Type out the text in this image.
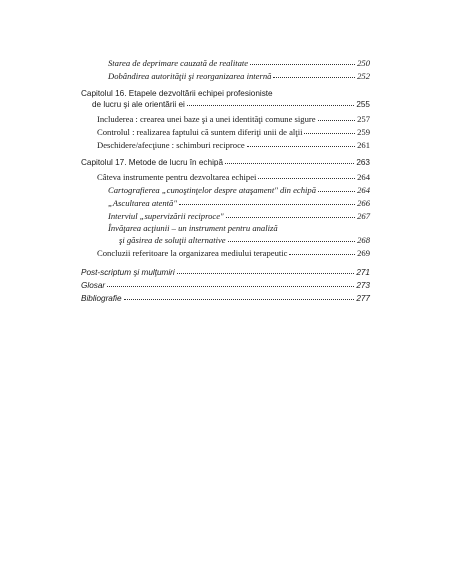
Starea de deprimare cauzată de realitate	250
Dobândirea autorităţii şi reorganizarea internă	252
Capitolul 16. Etapele dezvoltării echipei profesioniste
de lucru şi ale orientării ei	255
Includerea : crearea unei baze şi a unei identităţi comune sigure	257
Controlul : realizarea faptului că suntem diferiţi unii de alţii	259
Deschidere/afecţiune : schimburi reciproce	261
Capitolul 17. Metode de lucru în echipă	263
Câteva instrumente pentru dezvoltarea echipei	264
Cartografierea „cunoştinţelor despre ataşament" din echipă	264
„Ascultarea atentă"	266
Interviul „supervizării reciproce"	267
Învăţarea acţiunii – un instrument pentru analiză
şi găsirea de soluţii alternative	268
Concluzii referitoare la organizarea mediului terapeutic	269
Post-scriptum şi mulţumiri	271
Glosar	273
Bibliografie	277
